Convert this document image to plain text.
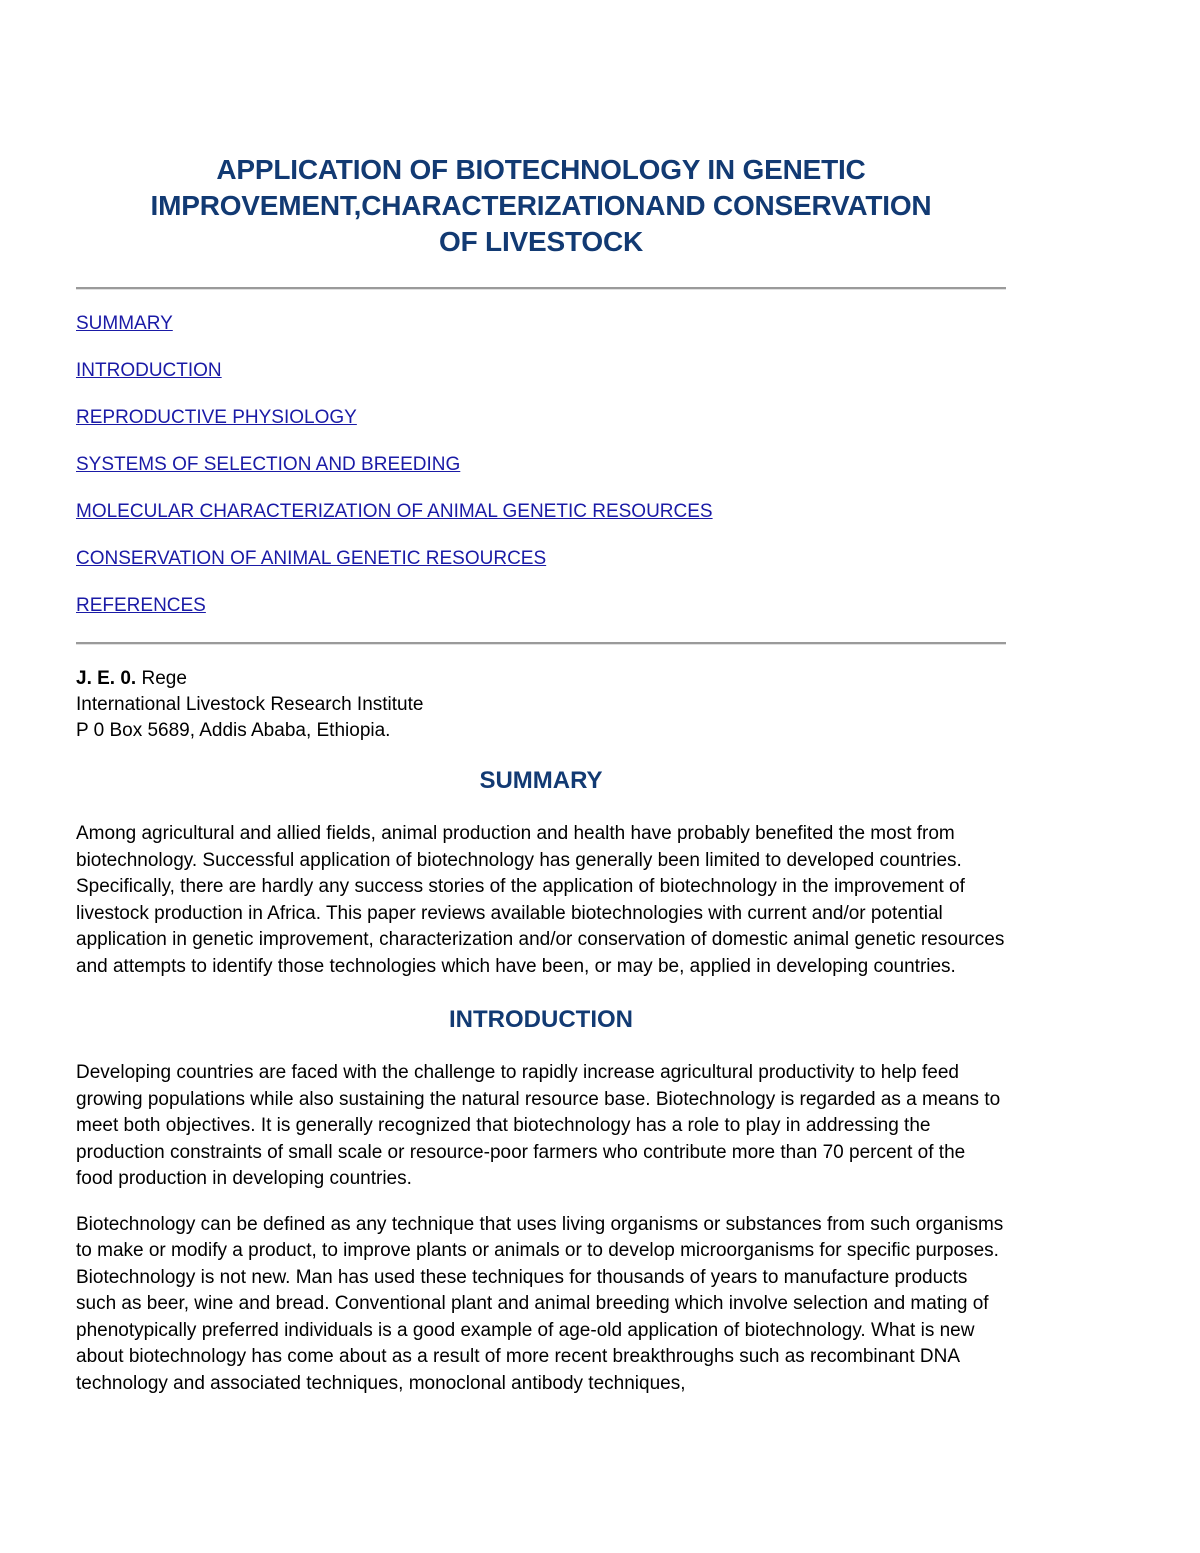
APPLICATION OF BIOTECHNOLOGY IN GENETIC
IMPROVEMENT,CHARACTERIZATIONAND CONSERVATION
OF LIVESTOCK
SUMMARY
INTRODUCTION
REPRODUCTIVE PHYSIOLOGY
SYSTEMS OF SELECTION AND BREEDING
MOLECULAR CHARACTERIZATION OF ANIMAL GENETIC RESOURCES
CONSERVATION OF ANIMAL GENETIC RESOURCES
REFERENCES
J. E. 0. Rege
International Livestock Research Institute
P 0 Box 5689, Addis Ababa, Ethiopia.
SUMMARY

Among agricultural and allied fields, animal production and health have probably benefited the most from biotechnology. Successful application of biotechnology has generally been limited to developed countries. Specifically, there are hardly any success stories of the application of biotechnology in the improvement of livestock production in Africa. This paper reviews available biotechnologies with current and/or potential application in genetic improvement, characterization and/or conservation of domestic animal genetic resources and attempts to identify those technologies which have been, or may be, applied in developing countries.

INTRODUCTION

Developing countries are faced with the challenge to rapidly increase agricultural productivity to help feed growing populations while also sustaining the natural resource base. Biotechnology is regarded as a means to meet both objectives. It is generally recognized that biotechnology has a role to play in addressing the production constraints of small scale or resource-poor farmers who contribute more than 70 percent of the food production in developing countries.

Biotechnology can be defined as any technique that uses living organisms or substances from such organisms to make or modify a product, to improve plants or animals or to develop microorganisms for specific purposes. Biotechnology is not new. Man has used these techniques for thousands of years to manufacture products such as beer, wine and bread. Conventional plant and animal breeding which involve selection and mating of phenotypically preferred individuals is a good example of age-old application of biotechnology. What is new about biotechnology has come about as a result of more recent breakthroughs such as recombinant DNA technology and associated techniques, monoclonal antibody techniques,
